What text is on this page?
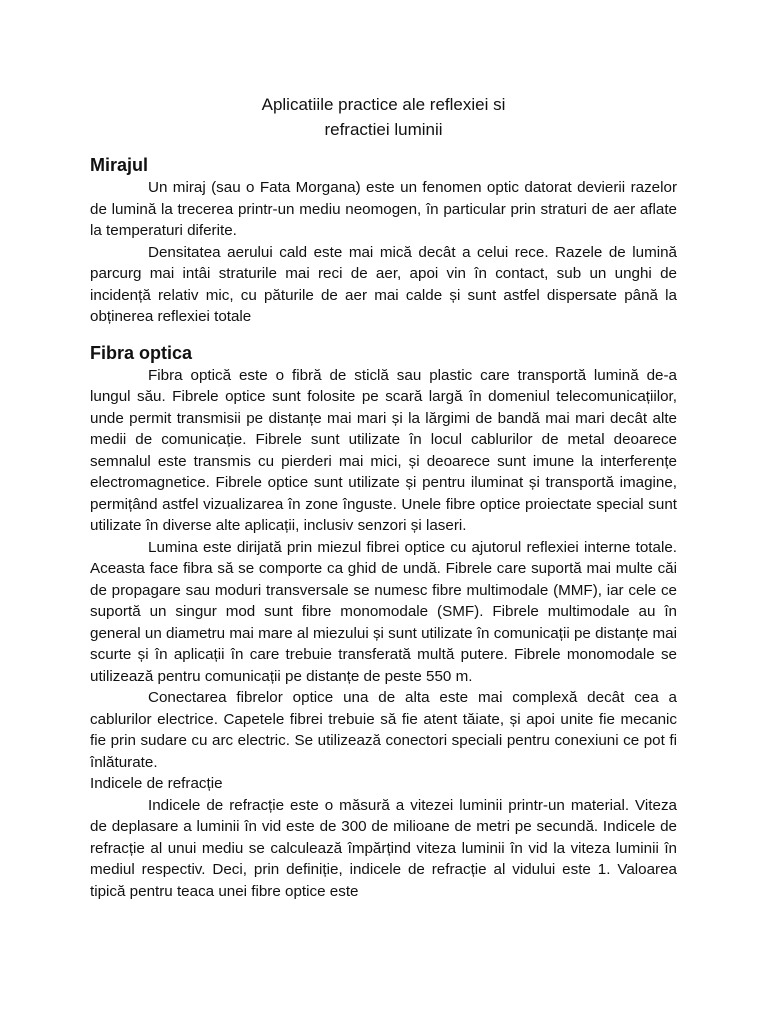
Aplicatiile practice ale reflexiei si
refractiei luminii
Mirajul

Un miraj (sau o Fata Morgana) este un fenomen optic datorat devierii razelor de lumină la trecerea printr-un mediu neomogen, în particular prin straturi de aer aflate la temperaturi diferite.

Densitatea aerului cald este mai mică decât a celui rece. Razele de lumină parcurg mai intâi straturile mai reci de aer, apoi vin în contact, sub un unghi de incidență relativ mic, cu păturile de aer mai calde și sunt astfel dispersate până la obținerea reflexiei totale

Fibra optica

Fibra optică este o fibră de sticlă sau plastic care transportă lumină de-a lungul său. Fibrele optice sunt folosite pe scară largă în domeniul telecomunicațiilor, unde permit transmisii pe distanțe mai mari și la lărgimi de bandă mai mari decât alte medii de comunicație. Fibrele sunt utilizate în locul cablurilor de metal deoarece semnalul este transmis cu pierderi mai mici, și deoarece sunt imune la interferențe electromagnetice. Fibrele optice sunt utilizate și pentru iluminat și transportă imagine, permițând astfel vizualizarea în zone înguste. Unele fibre optice proiectate special sunt utilizate în diverse alte aplicații, inclusiv senzori și laseri.

Lumina este dirijată prin miezul fibrei optice cu ajutorul reflexiei interne totale. Aceasta face fibra să se comporte ca ghid de undă. Fibrele care suportă mai multe căi de propagare sau moduri transversale se numesc fibre multimodale (MMF), iar cele ce suportă un singur mod sunt fibre monomodale (SMF). Fibrele multimodale au în general un diametru mai mare al miezului și sunt utilizate în comunicații pe distanțe mai scurte și în aplicații în care trebuie transferată multă putere. Fibrele monomodale se utilizează pentru comunicații pe distanțe de peste 550 m.

Conectarea fibrelor optice una de alta este mai complexă decât cea a cablurilor electrice. Capetele fibrei trebuie să fie atent tăiate, și apoi unite fie mecanic fie prin sudare cu arc electric. Se utilizează conectori speciali pentru conexiuni ce pot fi înlăturate.

Indicele de refracție

Indicele de refracție este o măsură a vitezei luminii printr-un material. Viteza de deplasare a luminii în vid este de 300 de milioane de metri pe secundă. Indicele de refracție al unui mediu se calculează împărțind viteza luminii în vid la viteza luminii în mediul respectiv. Deci, prin definiție, indicele de refracție al vidului este 1. Valoarea tipică pentru teaca unei fibre optice este
